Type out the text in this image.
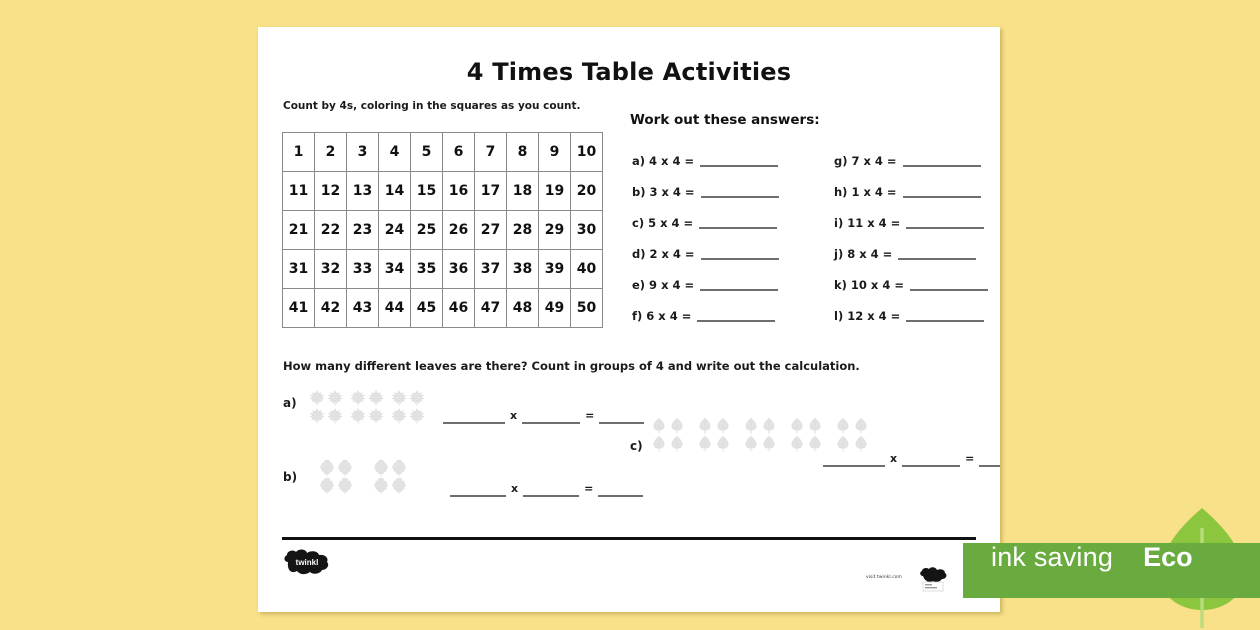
4 Times Table Activities
Count by 4s, coloring in the squares as you count.
1	2	3	4	5	6	7	8	9	10
11	12	13	14	15	16	17	18	19	20
21	22	23	24	25	26	27	28	29	30
31	32	33	34	35	36	37	38	39	40
41	42	43	44	45	46	47	48	49	50
Work out these answers:
a) 4 x 4 =
b) 3 x 4 =
c) 5 x 4 =
d) 2 x 4 =
e) 9 x 4 =
f) 6 x 4 =
g) 7 x 4 =
h) 1 x 4 =
i) 11 x 4 =
j) 8 x 4 =
k) 10 x 4 =
l) 12 x 4 =
How many different leaves are there? Count in groups of 4 and write out the calculation.
a)
x	=
b)
x	=
c)
x	=
twinkl
visit twinkl.com
ink saving Eco
